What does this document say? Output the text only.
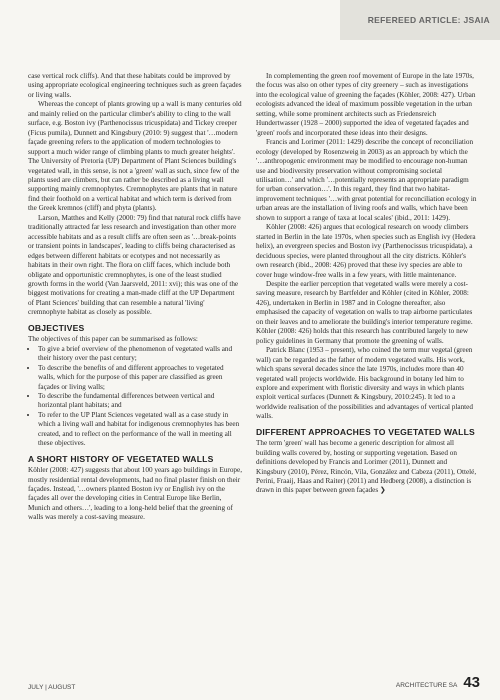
REFEREED ARTICLE: JSAIA

case vertical rock cliffs). And that these habitats could be improved by using appropriate ecological engineering techniques such as green façades or living walls.

Whereas the concept of plants growing up a wall is many centuries old and mainly relied on the particular climber's ability to cling to the wall surface, e.g. Boston ivy (Parthenocissus tricuspidata) and Tickey creeper (Ficus pumila), Dunnett and Kingsbury (2010: 9) suggest that '…modern façade greening refers to the application of modern technologies to support a much wider range of climbing plants to much greater heights'. The University of Pretoria (UP) Department of Plant Sciences building's vegetated wall, in this sense, is not a 'green' wall as such, since few of the plants used are climbers, but can rather be described as a living wall supporting mainly cremnophytes. Cremnophytes are plants that in nature find their foothold on a vertical habitat and which term is derived from the Greek kremnos (cliff) and phyta (plants).

Larson, Matthes and Kelly (2000: 79) find that natural rock cliffs have traditionally attracted far less research and investigation than other more accessible habitats and as a result cliffs are often seen as '…break-points or transient points in landscapes', leading to cliffs being characterised as edges between different habitats or ecotypes and not necessarily as habitats in their own right. The flora on cliff faces, which include both obligate and opportunistic cremnophytes, is one of the least studied growth forms in the world (Van Jaarsveld, 2011: xvi); this was one of the biggest motivations for creating a man-made cliff at the UP Department of Plant Sciences' building that can resemble a natural 'living' cremnophyte habitat as closely as possible.

OBJECTIVES

The objectives of this paper can be summarised as follows:

• To give a brief overview of the phenomenon of vegetated walls and their history over the past century;
• To describe the benefits of and different approaches to vegetated walls, which for the purpose of this paper are classified as green façades or living walls;
• To describe the fundamental differences between vertical and horizontal plant habitats; and
• To refer to the UP Plant Sciences vegetated wall as a case study in which a living wall and habitat for indigenous cremnophytes has been created, and to reflect on the performance of the wall in meeting all these objectives.
A SHORT HISTORY OF VEGETATED WALLS

Köhler (2008: 427) suggests that about 100 years ago buildings in Europe, mostly residential rental developments, had no final plaster finish on their façades. Instead, '…owners planted Boston ivy or English ivy on the façades all over the developing cities in Central Europe like Berlin, Munich and others…', leading to a long-held belief that the greening of walls was merely a cost-saving measure.

In complementing the green roof movement of Europe in the late 1970s, the focus was also on other types of city greenery – such as investigations into the ecological value of greening the façades (Köhler, 2008: 427). Urban ecologists advanced the ideal of maximum possible vegetation in the urban setting, while some prominent architects such as Friedensreich Hundertwasser (1928 – 2000) supported the idea of vegetated façades and 'green' roofs and incorporated these ideas into their designs.

Francis and Lorimer (2011: 1429) describe the concept of reconciliation ecology (developed by Rosenzweig in 2003) as an approach by which the '…anthropogenic environment may be modified to encourage non-human use and biodiversity preservation without compromising societal utilisation…' and which '…potentially represents an appropriate paradigm for urban conservation…'. In this regard, they find that two habitat-improvement techniques '…with great potential for reconciliation ecology in urban areas are the installation of living roofs and walls, which have been shown to support a range of taxa at local scales' (ibid., 2011: 1429).

Köhler (2008: 426) argues that ecological research on woody climbers started in Berlin in the late 1970s, when species such as English ivy (Hedera helix), an evergreen species and Boston ivy (Parthenocissus tricuspidata), a deciduous species, were planted throughout all the city districts. Köhler's own research (ibid., 2008: 426) proved that these ivy species are able to cover huge window-free walls in a few years, with little maintenance.

Despite the earlier perception that vegetated walls were merely a cost-saving measure, research by Bartfelder and Köhler (cited in Köhler, 2008: 426), undertaken in Berlin in 1987 and in Cologne thereafter, also emphasised the capacity of vegetation on walls to trap airborne particulates on their leaves and to ameliorate the building's interior temperature regime. Köhler (2008: 426) holds that this research has contributed largely to new policy guidelines in Germany that promote the greening of walls.

Patrick Blanc (1953 – present), who coined the term mur vegetal (green wall) can be regarded as the father of modern vegetated walls. His work, which spans several decades since the late 1970s, includes more than 40 vegetated wall projects worldwide. His background in botany led him to explore and experiment with floristic diversity and ways in which plants exploit vertical surfaces (Dunnett & Kingsbury, 2010:245). It led to a worldwide realisation of the possibilities and advantages of vertical planted walls.

DIFFERENT APPROACHES TO VEGETATED WALLS

The term 'green' wall has become a generic description for almost all building walls covered by, hosting or supporting vegetation. Based on definitions developed by Francis and Lorimer (2011), Dunnett and Kingsbury (2010), Pérez, Rincón, Vila, González and Cabeza (2011), Ottelé, Perini, Fraaij, Haas and Raiter) (2011) and Hedberg (2008), a distinction is drawn in this paper between green façades ❯

JULY | AUGUST	ARCHITECTURE SA 43
